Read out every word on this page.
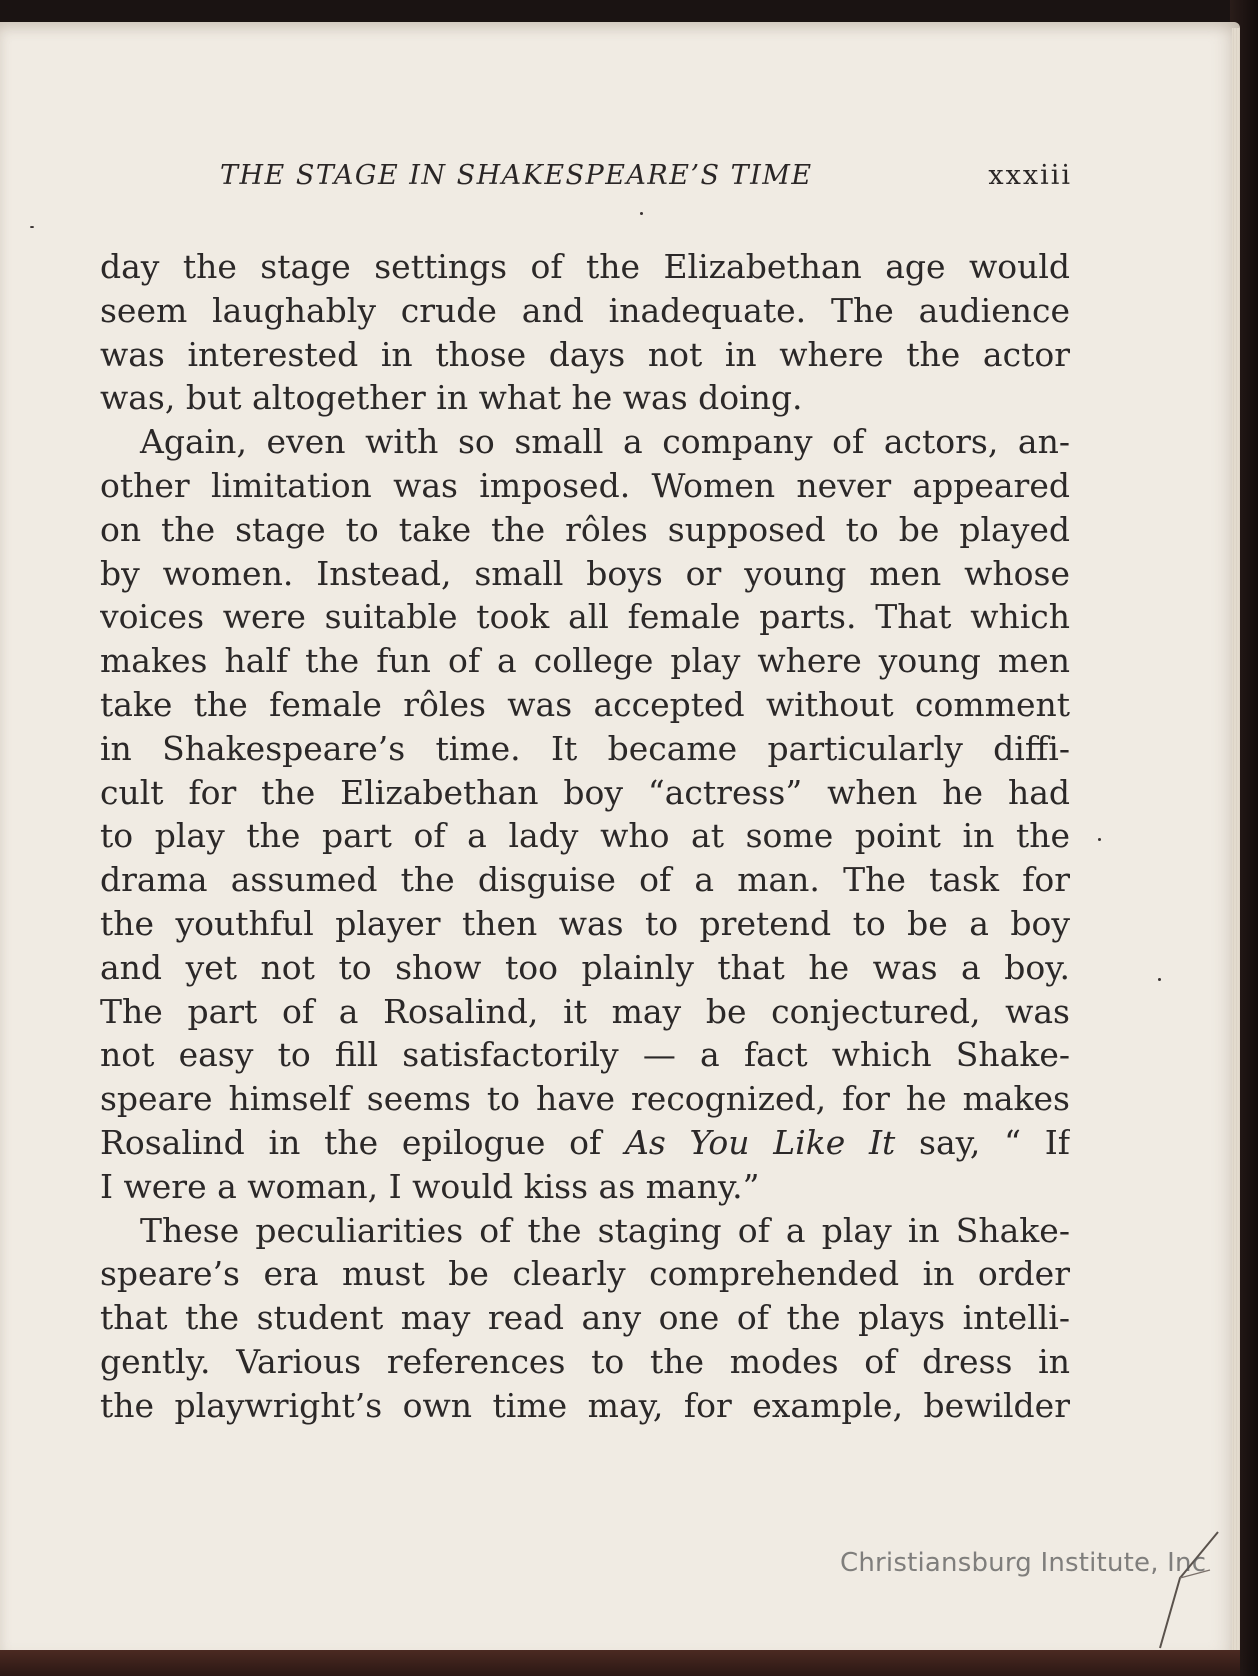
THE STAGE IN SHAKESPEARE’S TIME	xxxiii
day the stage settings of the Elizabethan age would
seem laughably crude and inadequate. The audience
was interested in those days not in where the actor
was, but altogether in what he was doing.
Again, even with so small a company of actors, an-
other limitation was imposed. Women never appeared
on the stage to take the rôles supposed to be played
by women. Instead, small boys or young men whose
voices were suitable took all female parts. That which
makes half the fun of a college play where young men
take the female rôles was accepted without comment
in Shakespeare’s time. It became particularly diffi-
cult for the Elizabethan boy “actress” when he had
to play the part of a lady who at some point in the
drama assumed the disguise of a man. The task for
the youthful player then was to pretend to be a boy
and yet not to show too plainly that he was a boy.
The part of a Rosalind, it may be conjectured, was
not easy to fill satisfactorily — a fact which Shake-
speare himself seems to have recognized, for he makes
Rosalind in the epilogue of As You Like It say, “ If
I were a woman, I would kiss as many.”
These peculiarities of the staging of a play in Shake-
speare’s era must be clearly comprehended in order
that the student may read any one of the plays intelli-
gently. Various references to the modes of dress in
the playwright’s own time may, for example, bewilder
Christiansburg Institute, Inc
